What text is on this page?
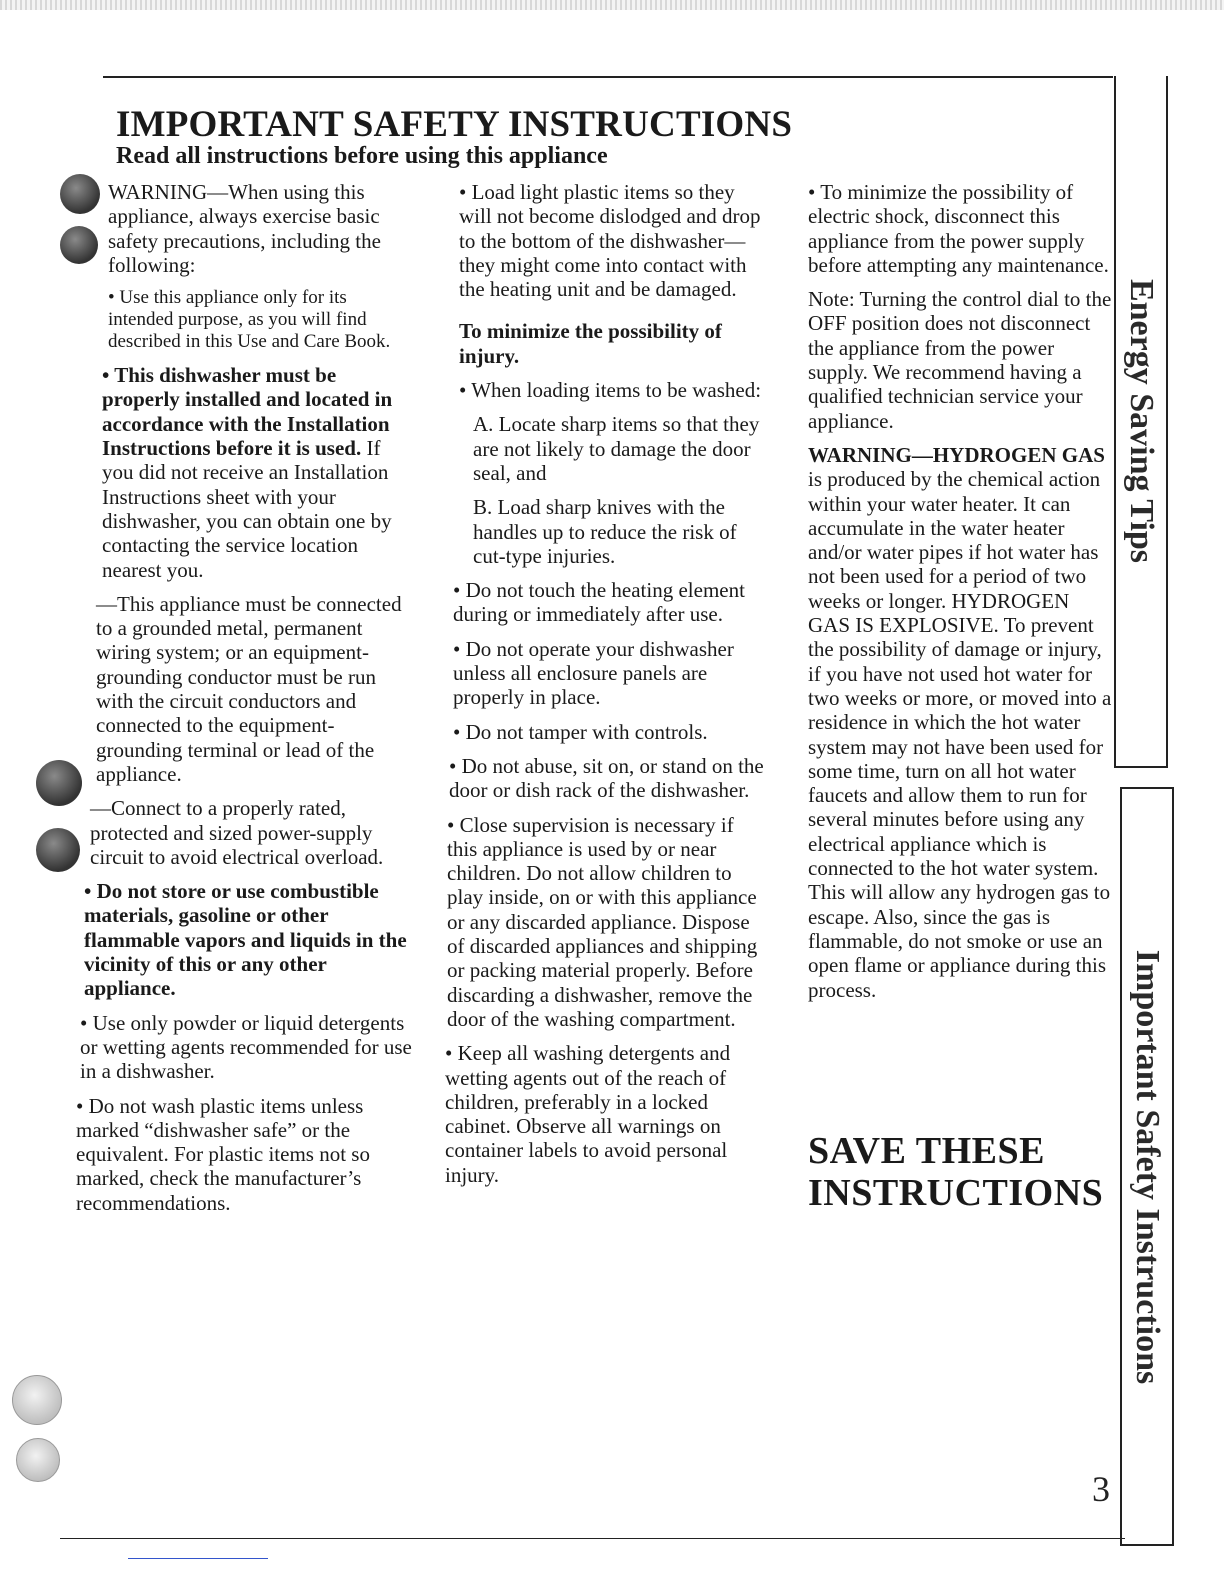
IMPORTANT SAFETY INSTRUCTIONS
Read all instructions before using this appliance

WARNING—When using this appliance, always exercise basic safety precautions, including the following:

• Use this appliance only for its intended purpose, as you will find described in this Use and Care Book.

• This dishwasher must be properly installed and located in accordance with the Installation Instructions before it is used. If you did not receive an Installation Instructions sheet with your dishwasher, you can obtain one by contacting the service location nearest you.

—This appliance must be connected to a grounded metal, permanent wiring system; or an equipment-grounding conductor must be run with the circuit conductors and connected to the equipment-grounding terminal or lead of the appliance.

—Connect to a properly rated, protected and sized power-supply circuit to avoid electrical overload.

• Do not store or use combustible materials, gasoline or other flammable vapors and liquids in the vicinity of this or any other appliance.

• Use only powder or liquid detergents or wetting agents recommended for use in a dishwasher.

• Do not wash plastic items unless marked “dishwasher safe” or the equivalent. For plastic items not so marked, check the manufacturer’s recommendations.

• Load light plastic items so they will not become dislodged and drop to the bottom of the dishwasher—they might come into contact with the heating unit and be damaged.

To minimize the possibility of injury.

• When loading items to be washed:

A. Locate sharp items so that they are not likely to damage the door seal, and

B. Load sharp knives with the handles up to reduce the risk of cut-type injuries.

• Do not touch the heating element during or immediately after use.

• Do not operate your dishwasher unless all enclosure panels are properly in place.

• Do not tamper with controls.

• Do not abuse, sit on, or stand on the door or dish rack of the dishwasher.

• Close supervision is necessary if this appliance is used by or near children. Do not allow children to play inside, on or with this appliance or any discarded appliance. Dispose of discarded appliances and shipping or packing material properly. Before discarding a dishwasher, remove the door of the washing compartment.

• Keep all washing detergents and wetting agents out of the reach of children, preferably in a locked cabinet. Observe all warnings on container labels to avoid personal injury.

• To minimize the possibility of electric shock, disconnect this appliance from the power supply before attempting any maintenance.

Note: Turning the control dial to the OFF position does not disconnect the appliance from the power supply. We recommend having a qualified technician service your appliance.

WARNING—HYDROGEN GAS is produced by the chemical action within your water heater. It can accumulate in the water heater and/or water pipes if hot water has not been used for a period of two weeks or longer. HYDROGEN GAS IS EXPLOSIVE. To prevent the possibility of damage or injury, if you have not used hot water for two weeks or more, or moved into a residence in which the hot water system may not have been used for some time, turn on all hot water faucets and allow them to run for several minutes before using any electrical appliance which is connected to the hot water system. This will allow any hydrogen gas to escape. Also, since the gas is flammable, do not smoke or use an open flame or appliance during this process.

SAVE THESE
INSTRUCTIONS
Energy Saving Tips
Important Safety Instructions
3
